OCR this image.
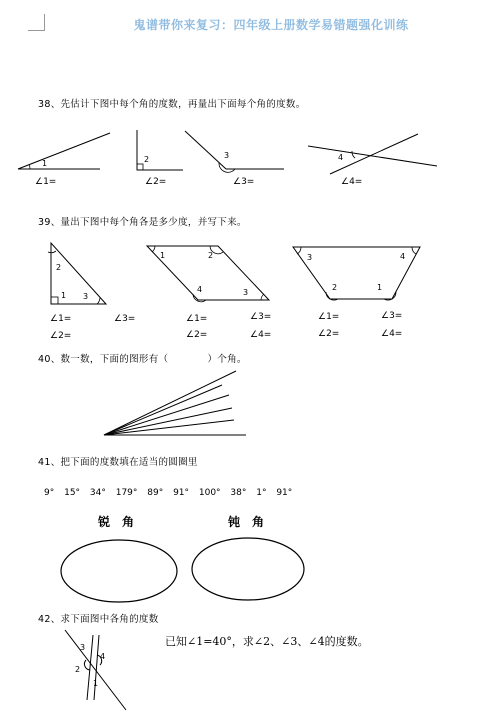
鬼谱带你来复习：四年级上册数学易错题强化训练
38、先估计下图中每个角的度数，再量出下面每个角的度数。
1	2	3	4
∠1=	∠2=	∠3=	∠4=
39、量出下图中每个角各是多少度，并写下来。
2
1 3
1	2
4	3
3	4
2	1
∠1=	∠3=
∠2=
∠1=	∠3=
∠2=	∠4=
∠1=	∠3=
∠2=	∠4=
40、数一数，下面的图形有（　　　　）个角。
41、把下面的度数填在适当的圆圈里
9° 15° 34° 179° 89° 91° 100° 38° 1° 91°
锐　角	钝　角
42、求下面图中各角的度数
已知∠1=40°，求∠2、∠3、∠4的度数。
3
4
2
1
